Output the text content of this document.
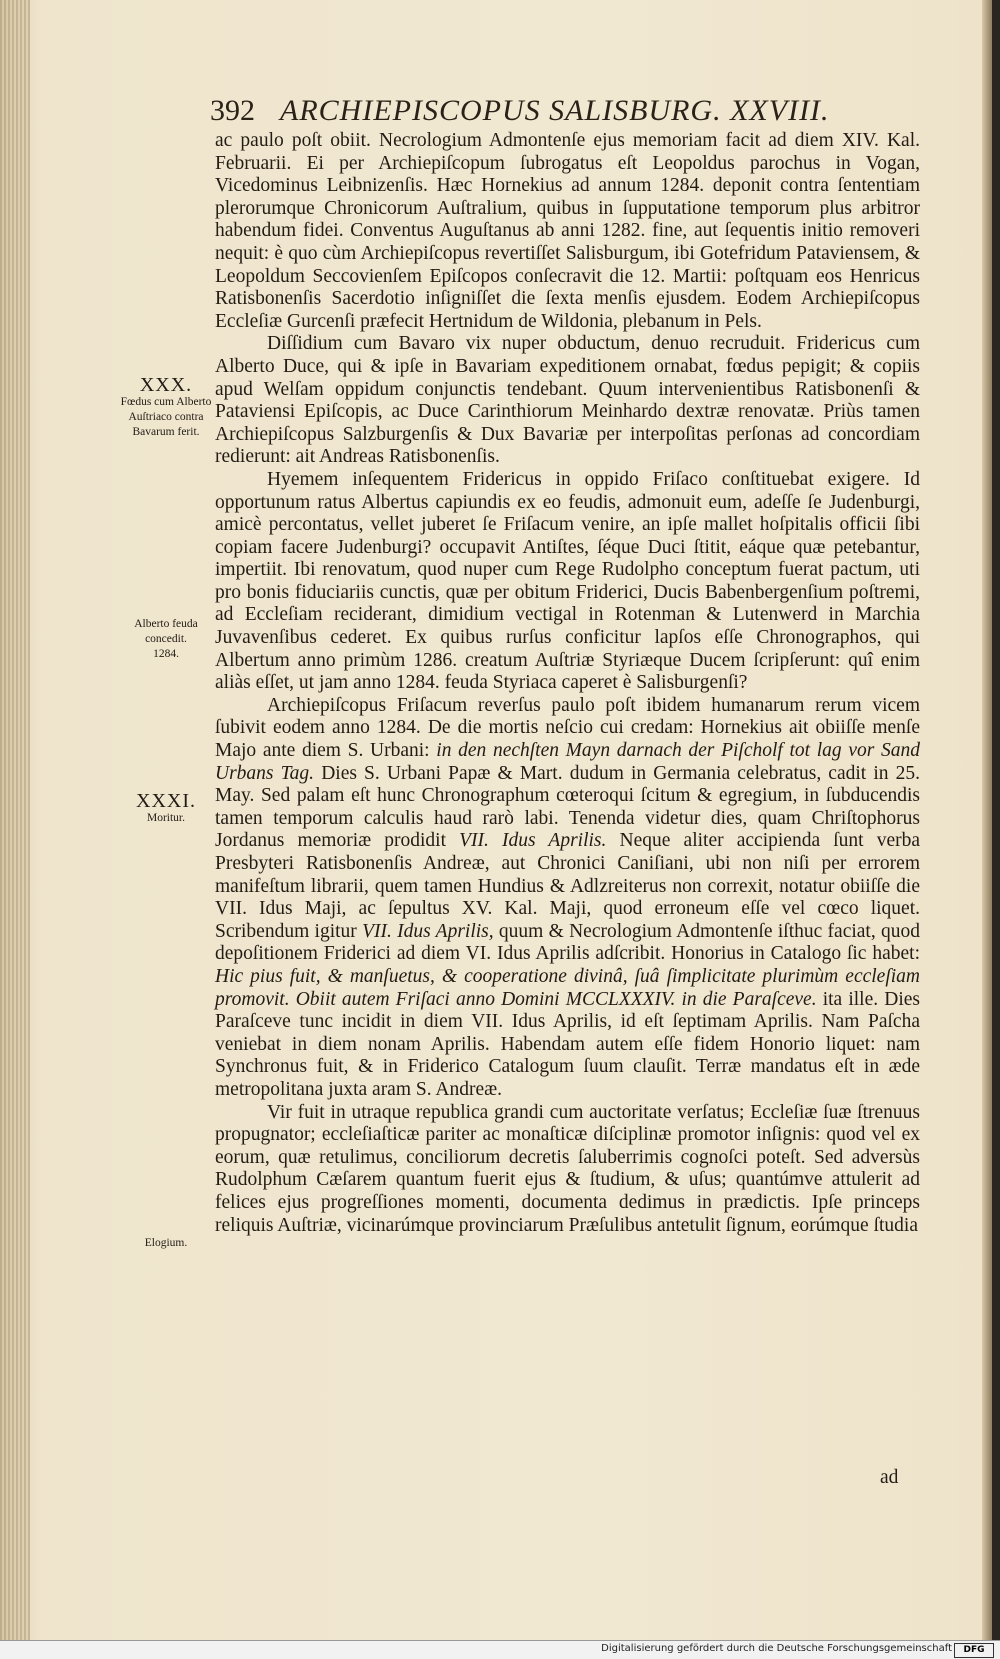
392 ARCHIEPISCOPUS SALISBURG. XXVIII.
XXX.
Fœdus cum Alberto Auſtriaco contra Bavarum ferit.
Alberto feuda concedit.
1284.
XXXI.
Moritur.
Elogium.

ac paulo poſt obiit. Necrologium Admontenſe ejus memoriam facit ad diem XIV. Kal. Februarii. Ei per Archiepiſcopum ſubrogatus eſt Leopoldus parochus in Vogan, Vicedominus Leibnizenſis. Hæc Hornekius ad annum 1284. deponit contra ſententiam plerorumque Chronicorum Auſtralium, quibus in ſupputatione temporum plus arbitror habendum fidei. Conventus Auguſtanus ab anni 1282. fine, aut ſequentis initio removeri nequit: è quo cùm Archiepiſcopus revertiſſet Salisburgum, ibi Gotefridum Pataviensem, & Leopoldum Seccovienſem Epiſcopos conſecravit die 12. Martii: poſtquam eos Henricus Ratisbonenſis Sacerdotio inſigniſſet die ſexta menſis ejusdem. Eodem Archiepiſcopus Eccleſiæ Gurcenſi præfecit Hertnidum de Wildonia, plebanum in Pels.

Diſſidium cum Bavaro vix nuper obductum, denuo recruduit. Fridericus cum Alberto Duce, qui & ipſe in Bavariam expeditionem ornabat, fœdus pepigit; & copiis apud Welſam oppidum conjunctis tendebant. Quum intervenientibus Ratisbonenſi & Pataviensi Epiſcopis, ac Duce Carinthiorum Meinhardo dextræ renovatæ. Priùs tamen Archiepiſcopus Salzburgenſis & Dux Bavariæ per interpoſitas perſonas ad concordiam redierunt: ait Andreas Ratisbonenſis.

Hyemem inſequentem Fridericus in oppido Friſaco conſtituebat exigere. Id opportunum ratus Albertus capiundis ex eo feudis, admonuit eum, adeſſe ſe Judenburgi, amicè percontatus, vellet juberet ſe Friſacum venire, an ipſe mallet hoſpitalis officii ſibi copiam facere Judenburgi? occupavit Antiſtes, ſéque Duci ſtitit, eáque quæ petebantur, impertiit. Ibi renovatum, quod nuper cum Rege Rudolpho conceptum fuerat pactum, uti pro bonis fiduciariis cunctis, quæ per obitum Friderici, Ducis Babenbergenſium poſtremi, ad Eccleſiam reciderant, dimidium vectigal in Rotenman & Lutenwerd in Marchia Juvavenſibus cederet. Ex quibus rurſus conficitur lapſos eſſe Chronographos, qui Albertum anno primùm 1286. creatum Auſtriæ Styriæque Ducem ſcripſerunt: quî enim aliàs eſſet, ut jam anno 1284. feuda Styriaca caperet è Salisburgenſi?

Archiepiſcopus Friſacum reverſus paulo poſt ibidem humanarum rerum vicem ſubivit eodem anno 1284. De die mortis neſcio cui credam: Hornekius ait obiiſſe menſe Majo ante diem S. Urbani: in den nechſten Mayn darnach der Piſcholf tot lag vor Sand Urbans Tag. Dies S. Urbani Papæ & Mart. dudum in Germania celebratus, cadit in 25. May. Sed palam eſt hunc Chronographum cœteroqui ſcitum & egregium, in ſubducendis tamen temporum calculis haud rarò labi. Tenenda videtur dies, quam Chriſtophorus Jordanus memoriæ prodidit VII. Idus Aprilis. Neque aliter accipienda ſunt verba Presbyteri Ratisbonenſis Andreæ, aut Chronici Caniſiani, ubi non niſi per errorem manifeſtum librarii, quem tamen Hundius & Adlzreiterus non correxit, notatur obiiſſe die VII. Idus Maji, ac ſepultus XV. Kal. Maji, quod erroneum eſſe vel cœco liquet. Scribendum igitur VII. Idus Aprilis, quum & Necrologium Admontenſe iſthuc faciat, quod depoſitionem Friderici ad diem VI. Idus Aprilis adſcribit. Honorius in Catalogo ſic habet: Hic pius fuit, & manſuetus, & cooperatione divinâ, ſuâ ſimplicitate plurimùm eccleſiam promovit. Obiit autem Friſaci anno Domini MCCLXXXIV. in die Paraſceve. ita ille. Dies Paraſceve tunc incidit in diem VII. Idus Aprilis, id eſt ſeptimam Aprilis. Nam Paſcha veniebat in diem nonam Aprilis. Habendam autem eſſe fidem Honorio liquet: nam Synchronus fuit, & in Friderico Catalogum ſuum clauſit. Terræ mandatus eſt in æde metropolitana juxta aram S. Andreæ.

Vir fuit in utraque republica grandi cum auctoritate verſatus; Eccleſiæ ſuæ ſtrenuus propugnator; eccleſiaſticæ pariter ac monaſticæ diſciplinæ promotor inſignis: quod vel ex eorum, quæ retulimus, conciliorum decretis ſaluberrimis cognoſci poteſt. Sed adversùs Rudolphum Cæſarem quantum fuerit ejus & ſtudium, & uſus; quantúmve attulerit ad felices ejus progreſſiones momenti, documenta dedimus in prædictis. Ipſe princeps reliquis Auſtriæ, vicinarúmque provinciarum Præſulibus antetulit ſignum, eorúmque ſtudia

ad
Digitalisierung gefördert durch die Deutsche Forschungsgemeinschaft	DFG
